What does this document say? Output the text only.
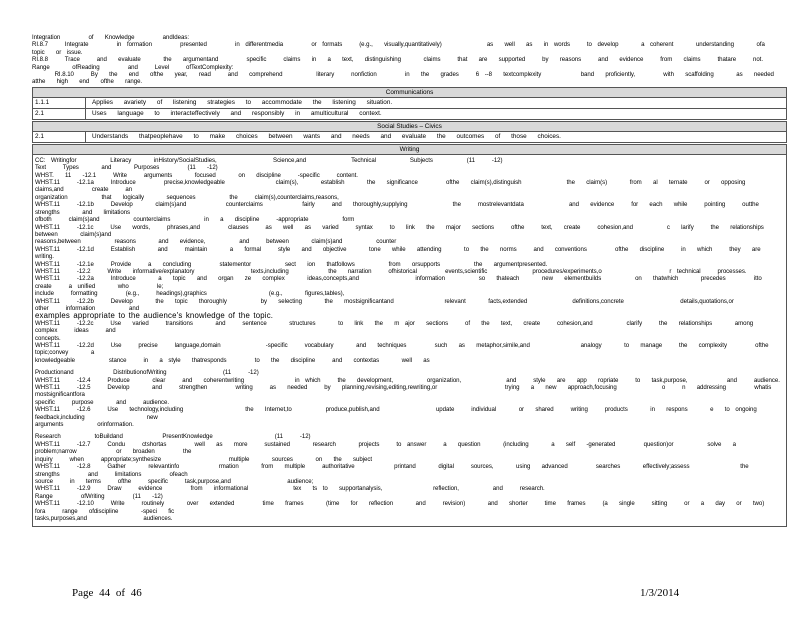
Integration     of  Knowledge     andIdeas:

RI.8.7   Integrate     in formation     presented     in differentmedia     or formats   (e.g.,  visually,quantitatively)        as  well  as  in words   to develop    a coherent    understanding    ofa  topic  or issue.

RI.8.8   Trace   and  evaluate    the  argumentand     specific   claims  in  a  text,  distinguishing    claims   that  are  supported   by  reasons   and  evidence   from  claims   thatare   not.

Range    ofReading     and   Level   ofTextComplexity:

RI.8.10   By  the  end  ofthe  year,  read   and  comprehend      literary   nonfiction     in  the  grades   6 --8  textcomplexity       band  proficiently,     with  scaffolding    as  needed   atthe  high  end  ofthe  range.

Communications
1.1.1	Applies avariety of listening strategies to accommodate the listening situation.
2.1	Uses language to interacteffectively and responsibly in amulticultural context.
Social Studies – Civics
2.1	Understands thatpeoplehave to make choices between wants and needs and evaluate the outcomes of those choices.
Writing

CC: Writingfor      Literacy    inHistory/SocialStudies,          Science,and        Technical      Subjects      (11   -12)

Text   Types    and    Purposes     (11  -12)

WHST.  11  -12.1   Write   arguments    focused    on  discipline   -specific   content.

WHST.11   -12.1a   Introduce     precise,knowledgeable         claim(s),    establish    the  significance     ofthe  claim(s),distinguish        the  claim(s)    from  al  ternate   or  opposing    claims,and     create   an

organization      that  logically    sequences      the   claim(s),counterclaims,reasons,

WHST.11   -12.1b   Develop    claim(s)and       counterclaims       fairly   and  thoroughly,supplying        the   mostrelevantdata        and  evidence   for  each  while   pointing   outthe   strengths    and  limitations

ofboth   claim(s)and      counterclaims      in  a  discipline   -appropriate      form

WHST.11   -12.1c   Use  words,   phrases,and     clauses   as  well  as  varied   syntax   to  link  the  major  sections   ofthe   text,  create   cohesion,and      c  larify   the  relationships     between    claim(s)and

reasons,between      reasons    and  evidence,      and   between    claim(s)and      counter

WHST.11   -12.1d   Establish    and   maintain    a  formal   style  and  objective    tone  while  attending    to  the  norms   and  conventions     ofthe  discipline   in  which   they  are  writing.

WHST.11   -12.1e   Provide   a  concluding     statementor      sect  ion  thatfollows      from  orsupports      the  argumentpresented.

WHST.11   -12.2   Write  informative/explanatory          texts,including       the  narration   ofhistorical     events,scientific        procedures/experiments,o            r technical   processes.

WHST.11   -12.2a   Introduce    a  topic  and  organ  ze  complex    ideas,concepts,and          information      so  thateach    new  elementbuilds      on  thatwhich    precedes     itto  create   a unified    who     le;

include   formatting     (e.g.,   headings),graphics           (e.g.,    figures,tables),

WHST.11   -12.2b   Develop    the  topic  thoroughly      by  selecting    the  mostsignificantand         relevant    facts,extended        definitions,concrete          details,quotations,or           other   information      and

examples appropriate to the audience's knowledge of the topic.

WHST.11   -12.2c   Use  varied   transitions    and   sentence    structures    to  link  the  m ajor  sections   of  the  text,  create   cohesion,and      clarify   the  relationships    among   complex   ideas   and

concepts.

WHST.11   -12.2d   Use   precise   language,domain        -specific   vocabulary    and  techniques     such  as  metaphor,simile,and         analogy    to  manage   the  complexity     ofthe   topic;convey    a

knowledgeable      stance   in  a style  thatresponds     to  the  discipline   and  contextas    well  as

Productionand       DistributionofWriting          (11   -12)

WHST.11   -12.4   Produce    clear   and  coherentwriting         in which   the  development,      organization,        and   style  are  app  ropriate   to  task,purpose,       and   audience.

WHST.11   -12.5   Develop    and   strengthen     writing   as  needed   by  planning,revising,editing,rewriting,or            trying  a  new  approach,focusing        o   n  addressing     whatis   mostsignificantfora

specific   purpose    and   audience.

WHST.11   -12.6   Use  technology,including           the  Internet,to      produce,publish,and          update   individual    or  shared   writing   products    in  respons    e  to ongoing    feedback,including           new

arguments      orinformation.

Research      toBuildand       PresentKnowledge           (11   -12)

WHST.11   -12.7   Condu   ctshortas     well  as  more   sustained    research    projects   to answer   a  question    (including    a  self  -generated     question)or      solve  a  problem;narrow       or  broaden     the

inquiry   when   appropriate;synthesize            multiple    sources    on  the  subject

WHST.11   -12.8   Gather    relevantinfo       rmation    from  multiple   authoritative       printand    digital   sources,    using  advanced     searches    effectively;assess         the  strengths     and   limitations     ofeach

source   in  terms   ofthe   specific   task,purpose,and          audience;

WHST.11   -12.9   Draw   evidence     from  informational        tex  ts to  supportanalysis,         reflection,      and   research.

Range     ofWriting     (11  -12)

WHST.11   -12.10   Write   routinely    over  extended     time  frames    (time  for  reflection    and   revision)    and  shorter   time  frames   (a  single   sitting   or  a  day  or  two)  fora   range  ofdiscipline    -speci  fic

tasks,purposes,and          audiences.

Page 44 of 46	1/3/2014
